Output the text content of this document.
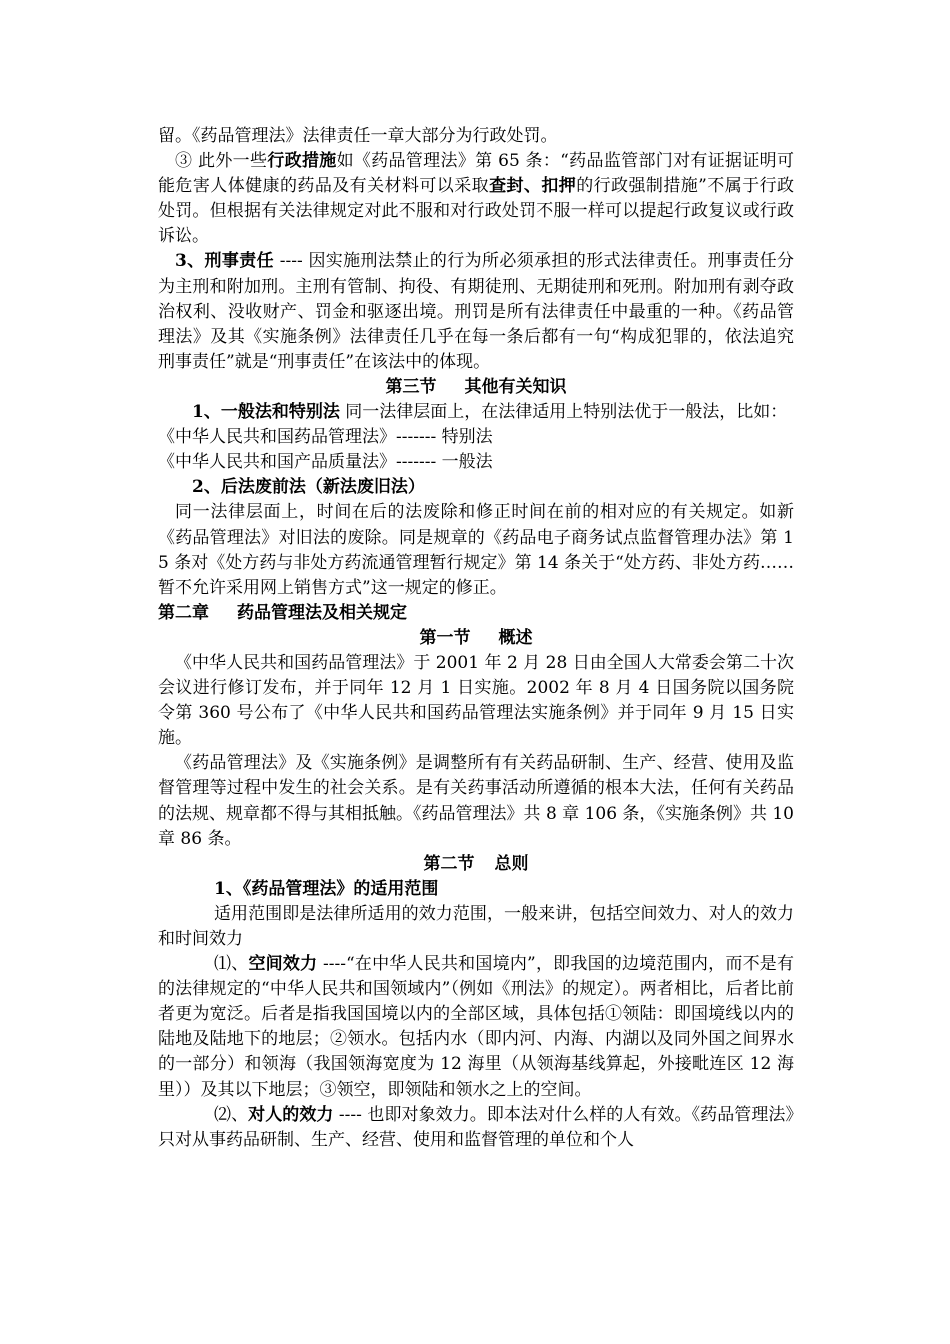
留。《药品管理法》法律责任一章大部分为行政处罚。

③ 此外一些行政措施如《药品管理法》第 65 条：“药品监管部门对有证据证明可能危害人体健康的药品及有关材料可以采取查封、扣押的行政强制措施”不属于行政处罚。但根据有关法律规定对此不服和对行政处罚不服一样可以提起行政复议或行政诉讼。

3、刑事责任 ---- 因实施刑法禁止的行为所必须承担的形式法律责任。刑事责任分为主刑和附加刑。主刑有管制、拘役、有期徒刑、无期徒刑和死刑。附加刑有剥夺政治权利、没收财产、罚金和驱逐出境。刑罚是所有法律责任中最重的一种。《药品管理法》及其《实施条例》法律责任几乎在每一条后都有一句“构成犯罪的，依法追究刑事责任”就是“刑事责任”在该法中的体现。

第三节 其他有关知识

1、一般法和特别法 同一法律层面上，在法律适用上特别法优于一般法，比如：

《中华人民共和国药品管理法》------- 特别法

《中华人民共和国产品质量法》------- 一般法

2、后法废前法（新法废旧法）

同一法律层面上，时间在后的法废除和修正时间在前的相对应的有关规定。如新《药品管理法》对旧法的废除。同是规章的《药品电子商务试点监督管理办法》第 15 条对《处方药与非处方药流通管理暂行规定》第 14 条关于“处方药、非处方药……暂不允许采用网上销售方式”这一规定的修正。

第二章 药品管理法及相关规定

第一节 概述

《中华人民共和国药品管理法》于 2001 年 2 月 28 日由全国人大常委会第二十次会议进行修订发布，并于同年 12 月 1 日实施。2002 年 8 月 4 日国务院以国务院令第 360 号公布了《中华人民共和国药品管理法实施条例》并于同年 9 月 15 日实施。

《药品管理法》及《实施条例》是调整所有有关药品研制、生产、经营、使用及监督管理等过程中发生的社会关系。是有关药事活动所遵循的根本大法，任何有关药品的法规、规章都不得与其相抵触。《药品管理法》共 8 章 106 条，《实施条例》共 10 章 86 条。

第二节 总则

1、《药品管理法》的适用范围

适用范围即是法律所适用的效力范围，一般来讲，包括空间效力、对人的效力和时间效力

⑴、空间效力 ----“在中华人民共和国境内”，即我国的边境范围内，而不是有的法律规定的“中华人民共和国领域内”（例如《刑法》的规定）。两者相比，后者比前者更为宽泛。后者是指我国国境以内的全部区域，具体包括①领陆：即国境线以内的陆地及陆地下的地层；②领水。包括内水（即内河、内海、内湖以及同外国之间界水的一部分）和领海（我国领海宽度为 12 海里（从领海基线算起，外接毗连区 12 海里））及其以下地层；③领空，即领陆和领水之上的空间。

⑵、对人的效力 ---- 也即对象效力。即本法对什么样的人有效。《药品管理法》只对从事药品研制、生产、经营、使用和监督管理的单位和个人
